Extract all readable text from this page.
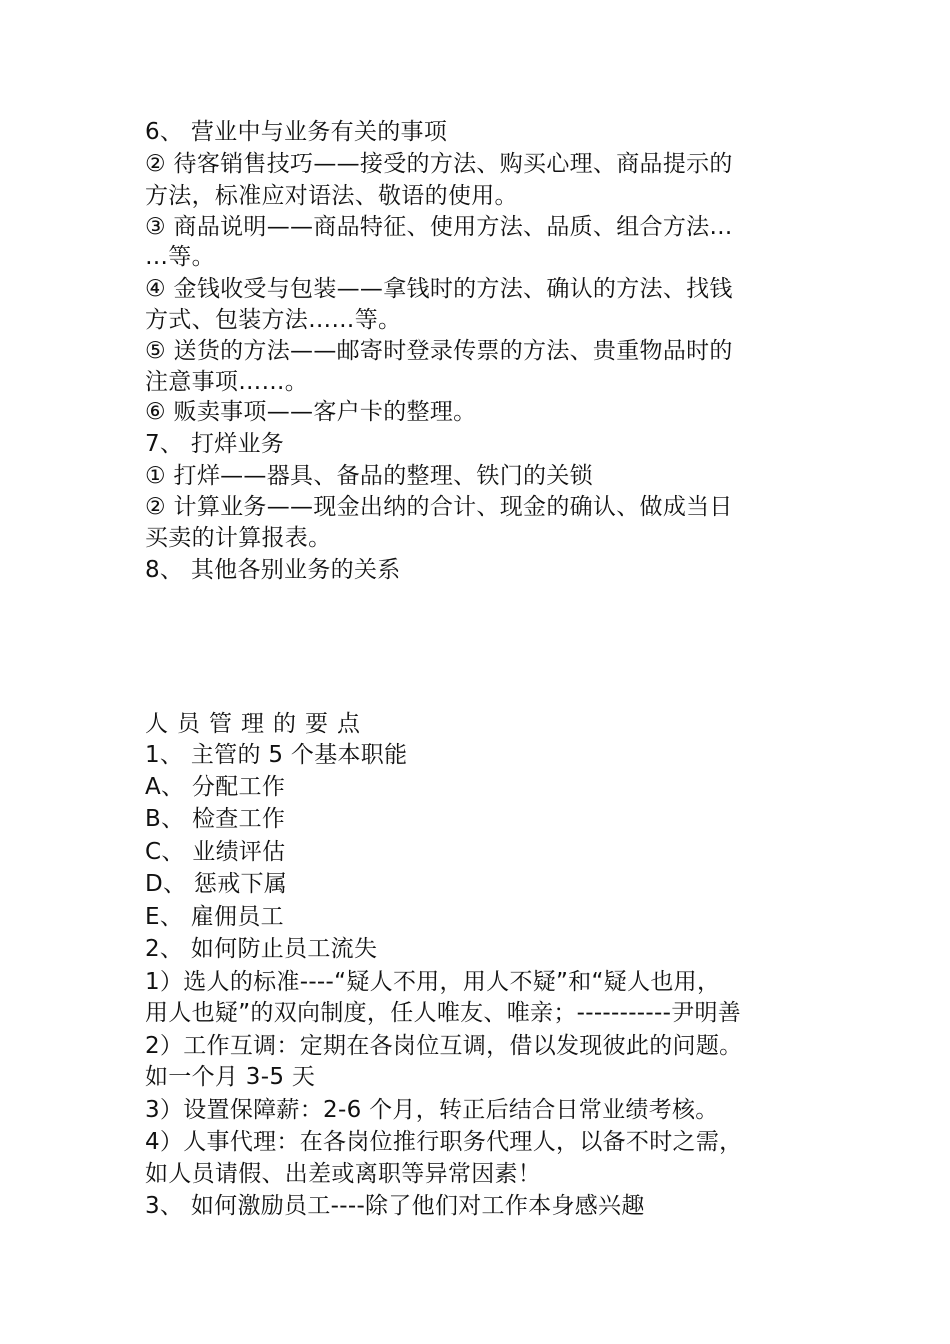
6、 营业中与业务有关的事项
② 待客销售技巧——接受的方法、购买心理、商品提示的
方法，标准应对语法、敬语的使用。
③ 商品说明——商品特征、使用方法、品质、组合方法…
…等。
④ 金钱收受与包装——拿钱时的方法、确认的方法、找钱
方式、包装方法……等。
⑤ 送货的方法——邮寄时登录传票的方法、贵重物品时的
注意事项……。
⑥ 贩卖事项——客户卡的整理。
7、 打烊业务
① 打烊——器具、备品的整理、铁门的关锁
② 计算业务——现金出纳的合计、现金的确认、做成当日
买卖的计算报表。
8、 其他各别业务的关系
人员管理的要点
1、 主管的 5 个基本职能
A、 分配工作
B、 检查工作
C、 业绩评估
D、 惩戒下属
E、 雇佣员工
2、 如何防止员工流失
1）选人的标准----“疑人不用，用人不疑”和“疑人也用，
用人也疑”的双向制度，任人唯友、唯亲；-----------尹明善
2）工作互调：定期在各岗位互调，借以发现彼此的问题。
如一个月 3-5 天
3）设置保障薪：2-6 个月，转正后结合日常业绩考核。
4）人事代理：在各岗位推行职务代理人，以备不时之需，
如人员请假、出差或离职等异常因素！
3、 如何激励员工----除了他们对工作本身感兴趣
